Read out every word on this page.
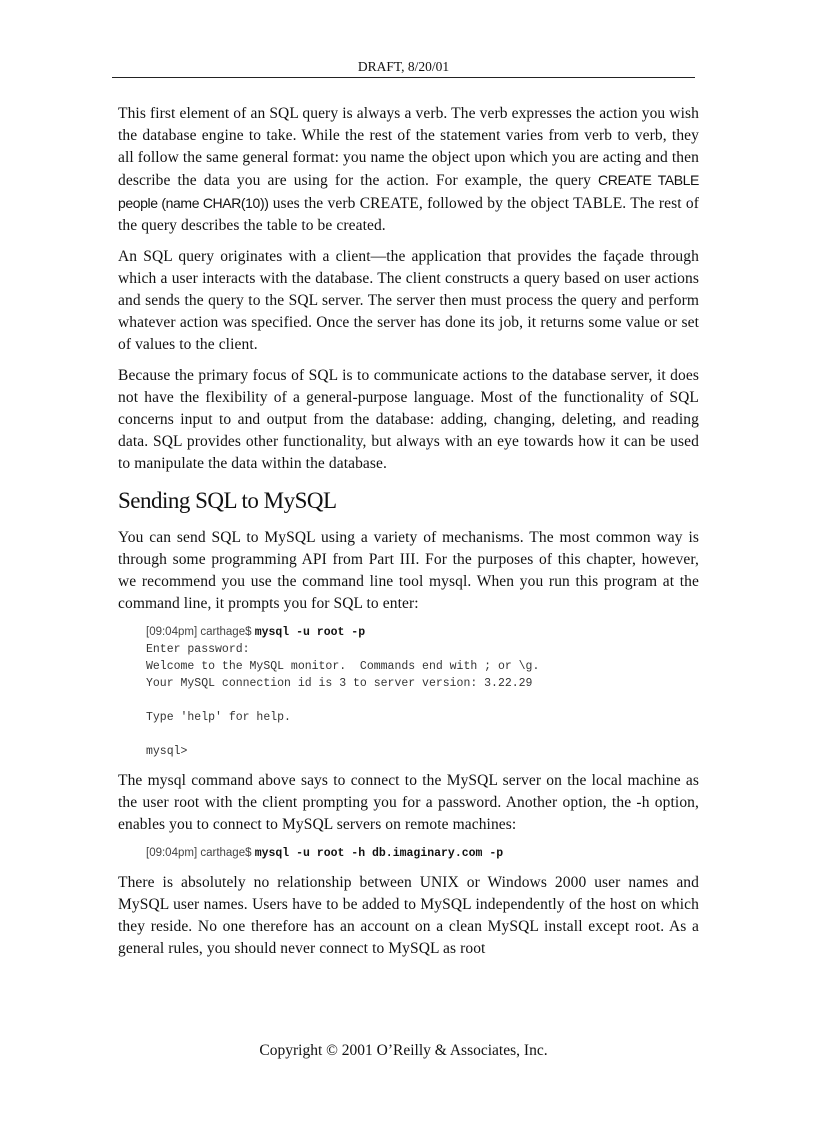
DRAFT, 8/20/01

This first element of an SQL query is always a verb. The verb expresses the action you wish the database engine to take. While the rest of the statement varies from verb to verb, they all follow the same general format: you name the object upon which you are acting and then describe the data you are using for the action. For example, the query CREATE TABLE people (name CHAR(10)) uses the verb CREATE, followed by the object TABLE. The rest of the query describes the table to be created.

An SQL query originates with a client—the application that provides the façade through which a user interacts with the database. The client constructs a query based on user actions and sends the query to the SQL server. The server then must process the query and perform whatever action was specified. Once the server has done its job, it returns some value or set of values to the client.

Because the primary focus of SQL is to communicate actions to the database server, it does not have the flexibility of a general-purpose language. Most of the functionality of SQL concerns input to and output from the database: adding, changing, deleting, and reading data. SQL provides other functionality, but always with an eye towards how it can be used to manipulate the data within the database.

Sending SQL to MySQL

You can send SQL to MySQL using a variety of mechanisms. The most common way is through some programming API from Part III. For the purposes of this chapter, however, we recommend you use the command line tool mysql. When you run this program at the command line, it prompts you for SQL to enter:

[09:04pm] carthage$ mysql -u root -p
Enter password:
Welcome to the MySQL monitor.  Commands end with ; or \g.
Your MySQL connection id is 3 to server version: 3.22.29
Type 'help' for help.
mysql>

The mysql command above says to connect to the MySQL server on the local machine as the user root with the client prompting you for a password. Another option, the -h option, enables you to connect to MySQL servers on remote machines:

[09:04pm] carthage$ mysql -u root -h db.imaginary.com -p

There is absolutely no relationship between UNIX or Windows 2000 user names and MySQL user names. Users have to be added to MySQL independently of the host on which they reside. No one therefore has an account on a clean MySQL install except root. As a general rules, you should never connect to MySQL as root

Copyright © 2001 O’Reilly & Associates, Inc.
